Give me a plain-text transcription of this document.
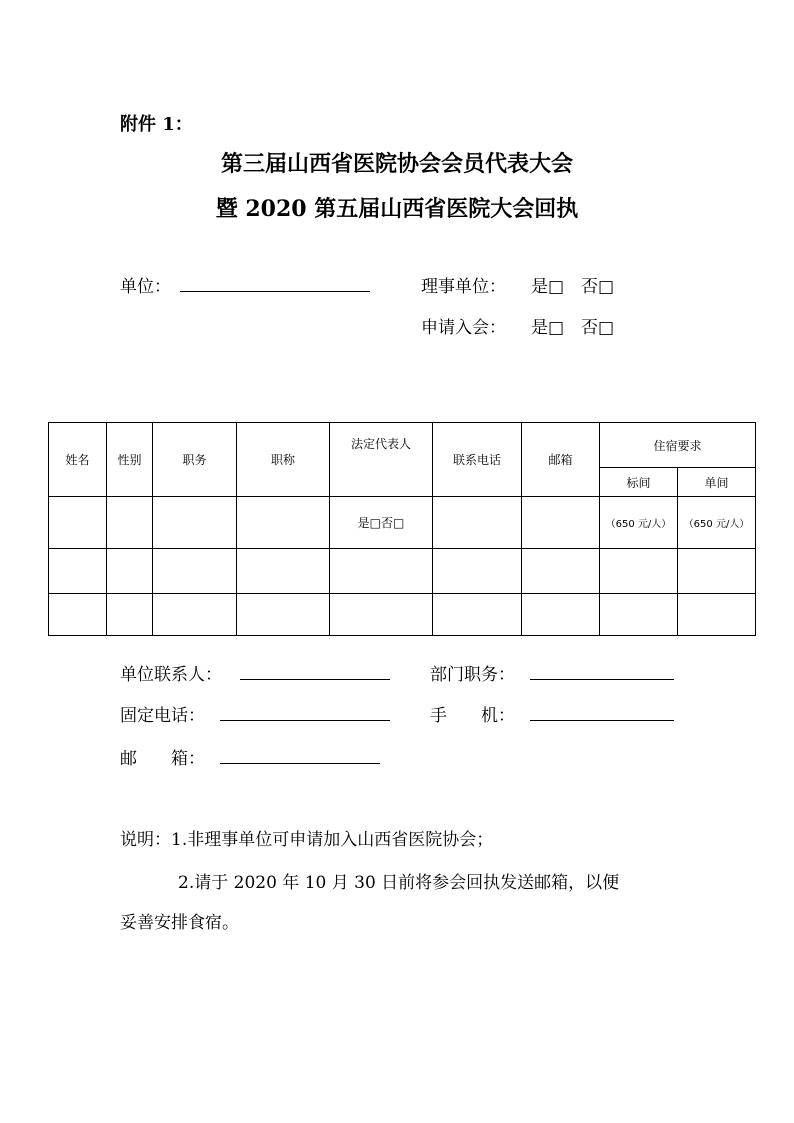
附件 1：
第三届山西省医院协会会员代表大会
暨 2020 第五届山西省医院大会回执
单位：	理事单位： 是□　否□
申请入会： 是□　否□
姓名	性别	职务	职称	法定代表人	联系电话	邮箱	住宿要求	
							标间	单间
				是□否□			（650 元/人）	（650 元/人）

单位联系人：	部门职务：
固定电话：	手　　机：
邮　　箱：
说明：1.非理事单位可申请加入山西省医院协会；
2.请于 2020 年 10 月 30 日前将参会回执发送邮箱，以便
妥善安排食宿。
